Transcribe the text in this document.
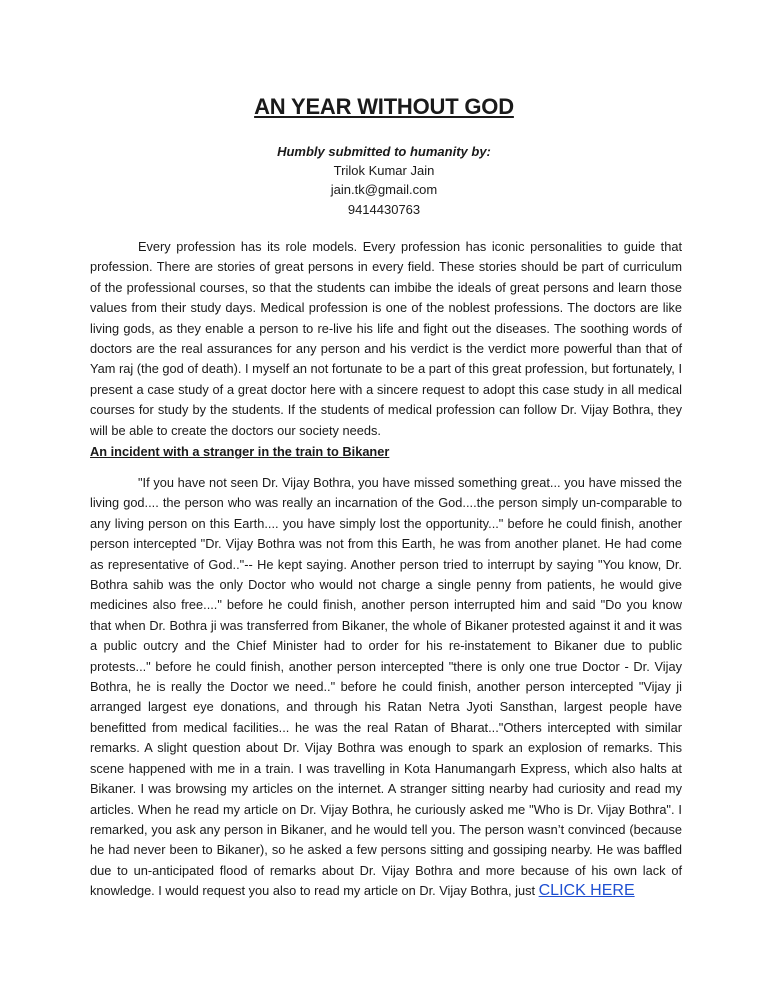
AN YEAR WITHOUT GOD
Humbly submitted to humanity by:
Trilok Kumar Jain
jain.tk@gmail.com
9414430763

Every profession has its role models. Every profession has iconic personalities to guide that profession. There are stories of great persons in every field. These stories should be part of curriculum of the professional courses, so that the students can imbibe the ideals of great persons and learn those values from their study days. Medical profession is one of the noblest professions. The doctors are like living gods, as they enable a person to re-live his life and fight out the diseases. The soothing words of doctors are the real assurances for any person and his verdict is the verdict more powerful than that of Yam raj (the god of death). I myself an not fortunate to be a part of this great profession, but fortunately, I present a case study of a great doctor here with a sincere request to adopt this case study in all medical courses for study by the students. If the students of medical profession can follow Dr. Vijay Bothra, they will be able to create the doctors our society needs.

An incident with a stranger in the train to Bikaner

"If you have not seen Dr. Vijay Bothra, you have missed something great... you have missed the living god.... the person who was really an incarnation of the God....the person simply un-comparable to any living person on this Earth.... you have simply lost the opportunity..." before he could finish, another person intercepted "Dr. Vijay Bothra was not from this Earth, he was from another planet. He had come as representative of God.."-- He kept saying. Another person tried to interrupt by saying "You know, Dr. Bothra sahib was the only Doctor who would not charge a single penny from patients, he would give medicines also free...." before he could finish, another person interrupted him and said "Do you know that when Dr. Bothra ji was transferred from Bikaner, the whole of Bikaner protested against it and it was a public outcry and the Chief Minister had to order for his re-instatement to Bikaner due to public protests..." before he could finish, another person intercepted "there is only one true Doctor - Dr. Vijay Bothra, he is really the Doctor we need.." before he could finish, another person intercepted "Vijay ji arranged largest eye donations, and through his Ratan Netra Jyoti Sansthan, largest people have benefitted from medical facilities... he was the real Ratan of Bharat..."Others intercepted with similar remarks. A slight question about Dr. Vijay Bothra was enough to spark an explosion of remarks. This scene happened with me in a train. I was travelling in Kota Hanumangarh Express, which also halts at Bikaner. I was browsing my articles on the internet. A stranger sitting nearby had curiosity and read my articles. When he read my article on Dr. Vijay Bothra, he curiously asked me "Who is Dr. Vijay Bothra". I remarked, you ask any person in Bikaner, and he would tell you. The person wasn’t convinced (because he had never been to Bikaner), so he asked a few persons sitting and gossiping nearby. He was baffled due to un-anticipated flood of remarks about Dr. Vijay Bothra and more because of his own lack of knowledge. I would request you also to read my article on Dr. Vijay Bothra, just CLICK HERE
